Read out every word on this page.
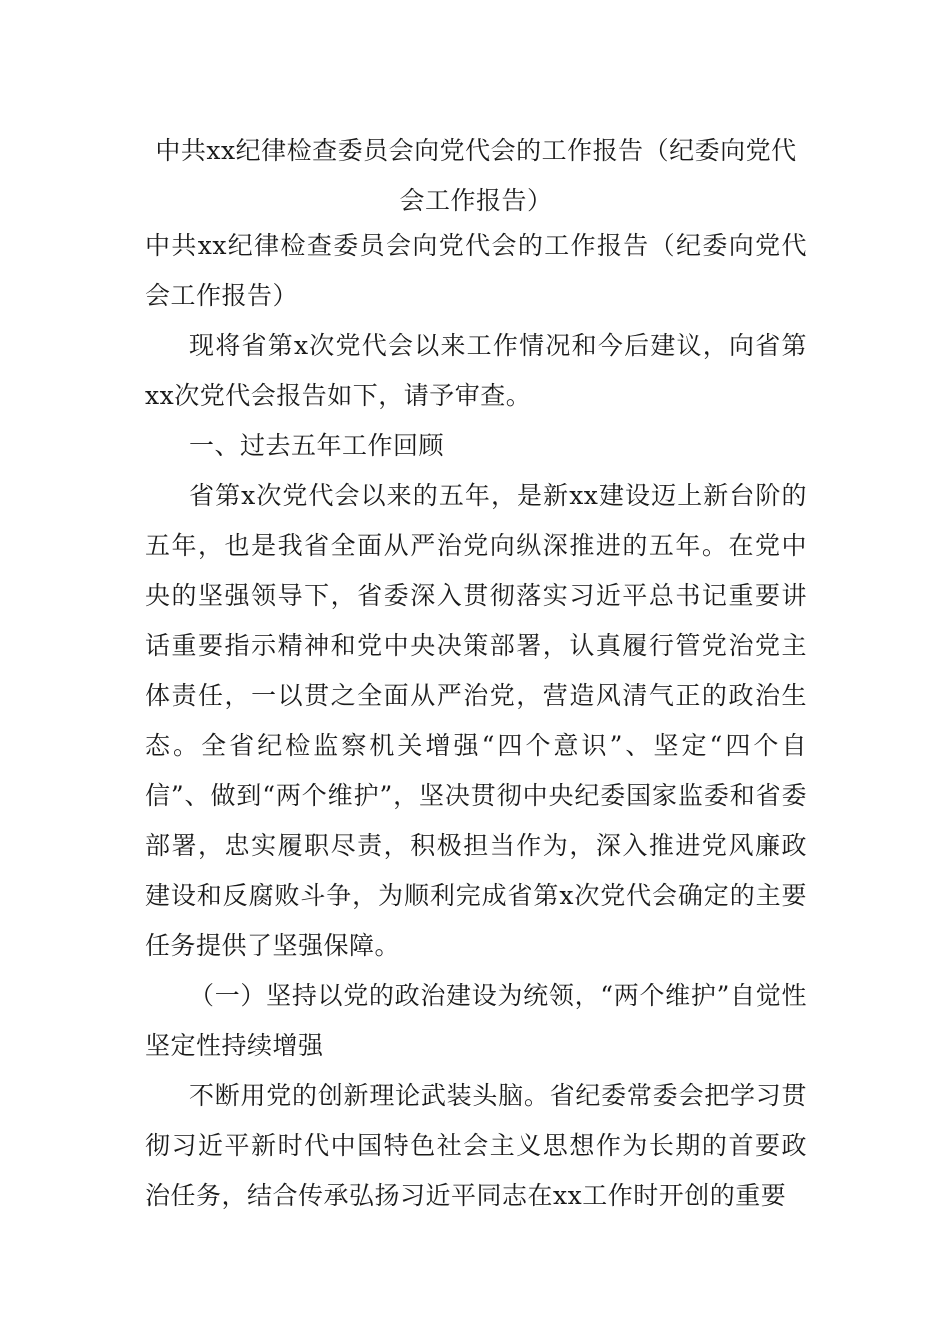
中共xx纪律检查委员会向党代会的工作报告（纪委向党代会工作报告）

中共xx纪律检查委员会向党代会的工作报告（纪委向党代会工作报告）

现将省第x次党代会以来工作情况和今后建议，向省第xx次党代会报告如下，请予审查。

一、过去五年工作回顾

省第x次党代会以来的五年，是新xx建设迈上新台阶的五年，也是我省全面从严治党向纵深推进的五年。在党中央的坚强领导下，省委深入贯彻落实习近平总书记重要讲话重要指示精神和党中央决策部署，认真履行管党治党主体责任，一以贯之全面从严治党，营造风清气正的政治生态。全省纪检监察机关增强“四个意识”、坚定“四个自信”、做到“两个维护”，坚决贯彻中央纪委国家监委和省委部署，忠实履职尽责，积极担当作为，深入推进党风廉政建设和反腐败斗争，为顺利完成省第x次党代会确定的主要任务提供了坚强保障。

（一）坚持以党的政治建设为统领，“两个维护”自觉性坚定性持续增强

不断用党的创新理论武装头脑。省纪委常委会把学习贯彻习近平新时代中国特色社会主义思想作为长期的首要政治任务，结合传承弘扬习近平同志在xx工作时开创的重要
